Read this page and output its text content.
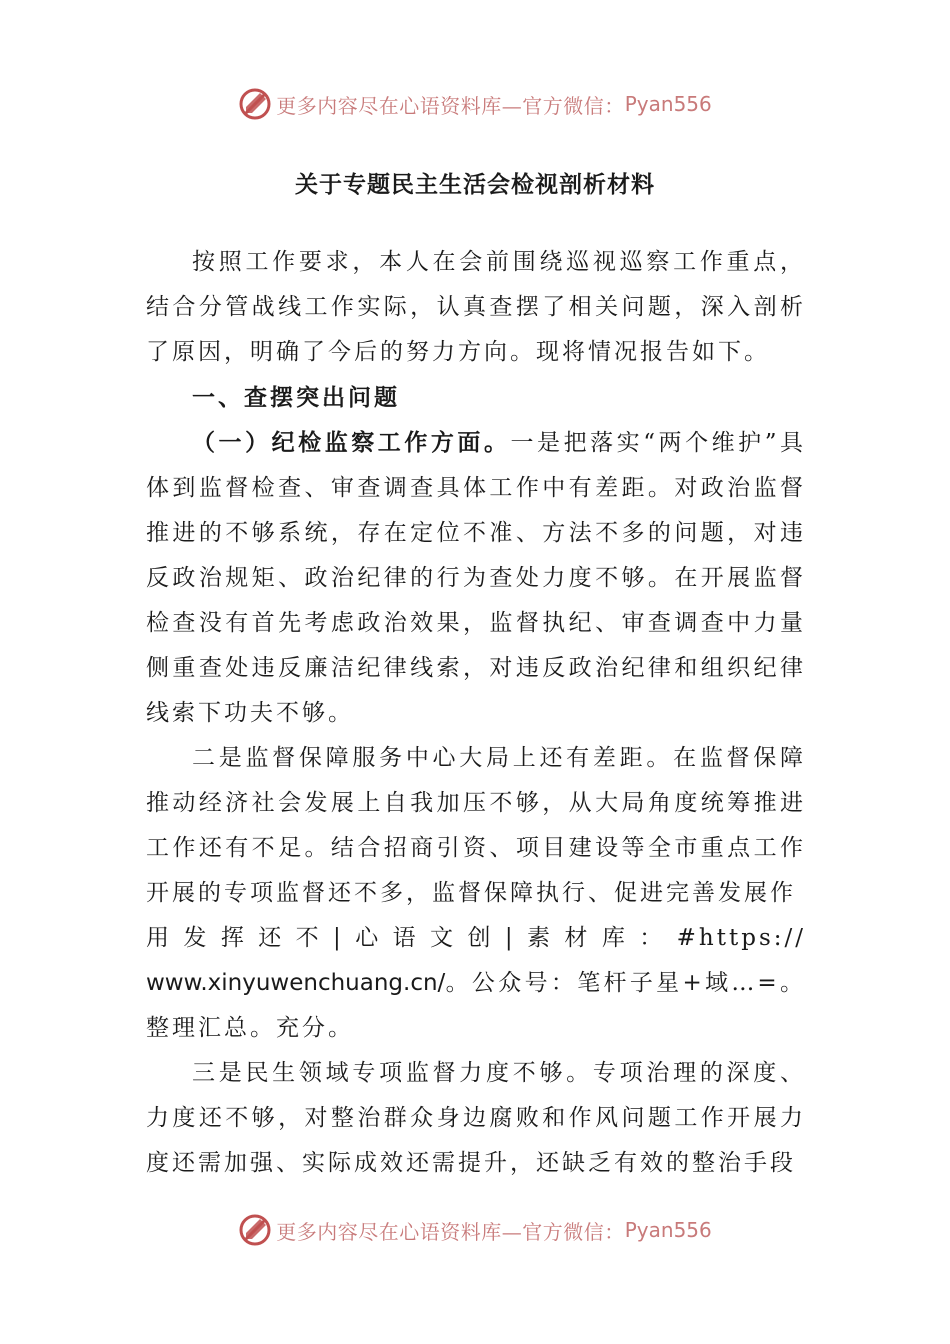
更多内容尽在心语资料库—官方微信： Pyan556
关于专题民主生活会检视剖析材料

按照工作要求，本人在会前围绕巡视巡察工作重点，结合分管战线工作实际，认真查摆了相关问题，深入剖析了原因，明确了今后的努力方向。现将情况报告如下。

一、查摆突出问题

（一）纪检监察工作方面。一是把落实“两个维护”具体到监督检查、审查调查具体工作中有差距。对政治监督推进的不够系统，存在定位不准、方法不多的问题，对违反政治规矩、政治纪律的行为查处力度不够。在开展监督检查没有首先考虑政治效果，监督执纪、审查调查中力量侧重查处违反廉洁纪律线索，对违反政治纪律和组织纪律线索下功夫不够。

二是监督保障服务中心大局上还有差距。在监督保障推动经济社会发展上自我加压不够，从大局角度统筹推进工作还有不足。结合招商引资、项目建设等全市重点工作开展的专项监督还不多，监督保障执行、促进完善发展作

用发挥还不|心语文创|素材库：#https://

www.xinyuwenchuang.cn/。公众号：笔杆子星+域…=。整理汇总。充分。

三是民生领域专项监督力度不够。专项治理的深度、力度还不够，对整治群众身边腐败和作风问题工作开展力度还需加强、实际成效还需提升，还缺乏有效的整治手段

更多内容尽在心语资料库—官方微信： Pyan556
